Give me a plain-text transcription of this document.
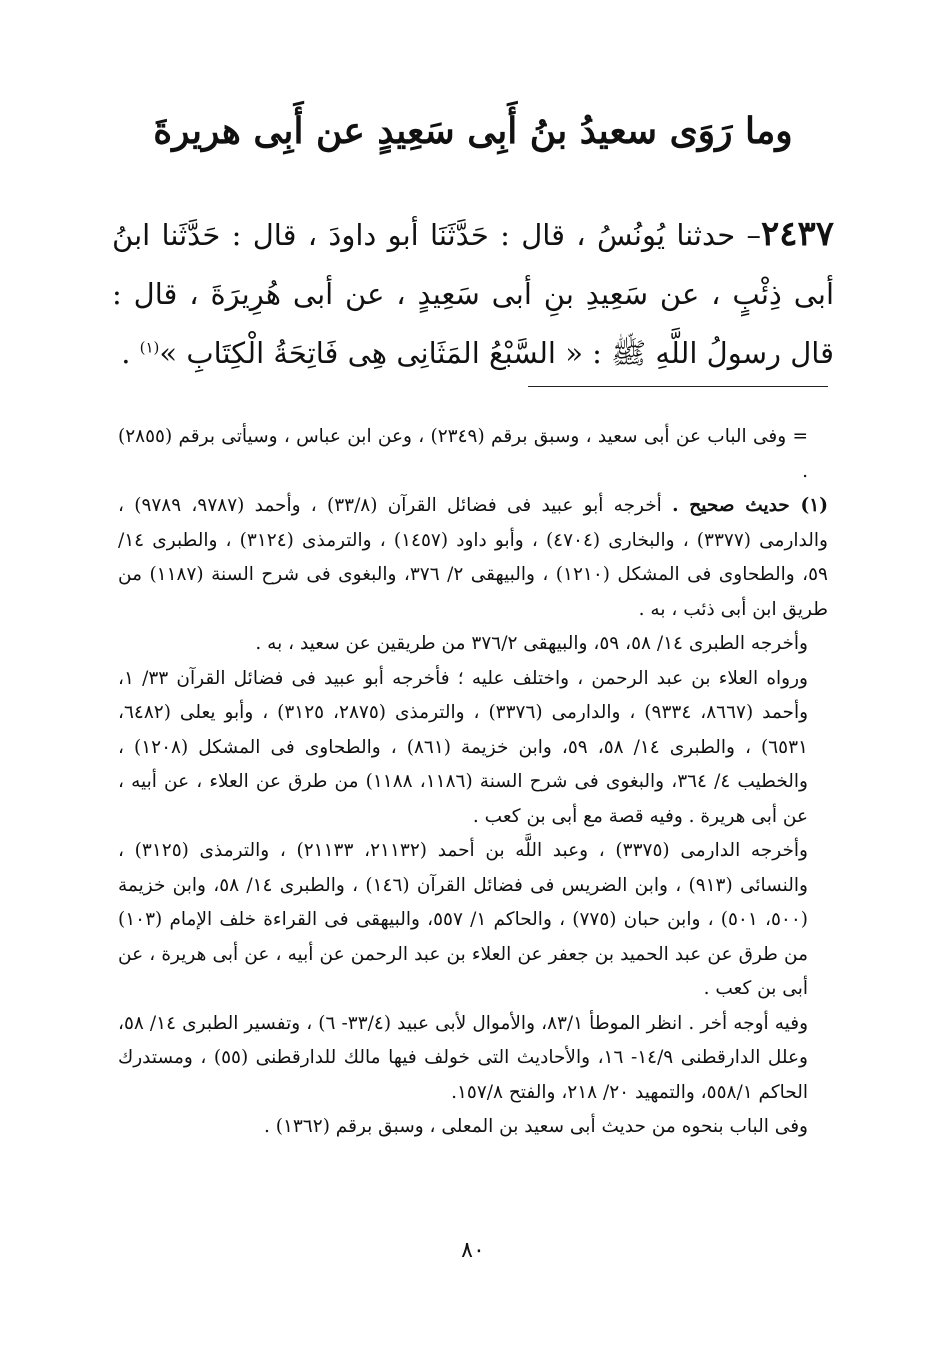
وما رَوَى سعيدُ بنُ أَبِى سَعِيدٍ عن أَبِى هريرةَ

٢٤٣٧– حدثنا يُونُسُ ، قال : حَدَّثَنَا أبو داودَ ، قال : حَدَّثَنا ابنُ أبى ذِئْبٍ ، عن سَعِيدِ بنِ أبى سَعِيدٍ ، عن أبى هُرِيرَةَ ، قال : قال رسولُ اللَّهِ ﷺ : « السَّبْعُ المَثَانِى هِى فَاتِحَةُ الْكِتَابِ »$^{(١)}$ .

= وفى الباب عن أبى سعيد ، وسبق برقم (٢٣٤٩) ، وعن ابن عباس ، وسيأتى برقم (٢٨٥٥) .

(١) حديث صحيح . أخرجه أبو عبيد فى فضائل القرآن (٣٣/٨) ، وأحمد (٩٧٨٧، ٩٧٨٩) ، والدارمى (٣٣٧٧) ، والبخارى (٤٧٠٤) ، وأبو داود (١٤٥٧) ، والترمذى (٣١٢٤) ، والطبرى ١٤/ ٥٩، والطحاوى فى المشكل (١٢١٠) ، والبيهقى ٢/ ٣٧٦، والبغوى فى شرح السنة (١١٨٧) من طريق ابن أبى ذئب ، به .

وأخرجه الطبرى ١٤/ ٥٨، ٥٩، والبيهقى ٣٧٦/٢ من طريقين عن سعيد ، به .

ورواه العلاء بن عبد الرحمن ، واختلف عليه ؛ فأخرجه أبو عبيد فى فضائل القرآن ٣٣/ ١، وأحمد (٨٦٦٧، ٩٣٣٤) ، والدارمى (٣٣٧٦) ، والترمذى (٢٨٧٥، ٣١٢٥) ، وأبو يعلى (٦٤٨٢، ٦٥٣١) ، والطبرى ١٤/ ٥٨، ٥٩، وابن خزيمة (٨٦١) ، والطحاوى فى المشكل (١٢٠٨) ، والخطيب ٤/ ٣٦٤، والبغوى فى شرح السنة (١١٨٦، ١١٨٨) من طرق عن العلاء ، عن أبيه ، عن أبى هريرة . وفيه قصة مع أبى بن كعب .

وأخرجه الدارمى (٣٣٧٥) ، وعبد اللَّه بن أحمد (٢١١٣٢، ٢١١٣٣) ، والترمذى (٣١٢٥) ، والنسائى (٩١٣) ، وابن الضريس فى فضائل القرآن (١٤٦) ، والطبرى ١٤/ ٥٨، وابن خزيمة (٥٠٠، ٥٠١) ، وابن حبان (٧٧٥) ، والحاكم ١/ ٥٥٧، والبيهقى فى القراءة خلف الإمام (١٠٣) من طرق عن عبد الحميد بن جعفر عن العلاء بن عبد الرحمن عن أبيه ، عن أبى هريرة ، عن أبى بن كعب .

وفيه أوجه أخر . انظر الموطأ ٨٣/١، والأموال لأبى عبيد (٣٣/٤- ٦) ، وتفسير الطبرى ١٤/ ٥٨، وعلل الدارقطنى ١٤/٩- ١٦، والأحاديث التى خولف فيها مالك للدارقطنى (٥٥) ، ومستدرك الحاكم ٥٥٨/١، والتمهيد ٢٠/ ٢١٨، والفتح ١٥٧/٨.

وفى الباب بنحوه من حديث أبى سعيد بن المعلى ، وسبق برقم (١٣٦٢) .

٨٠
